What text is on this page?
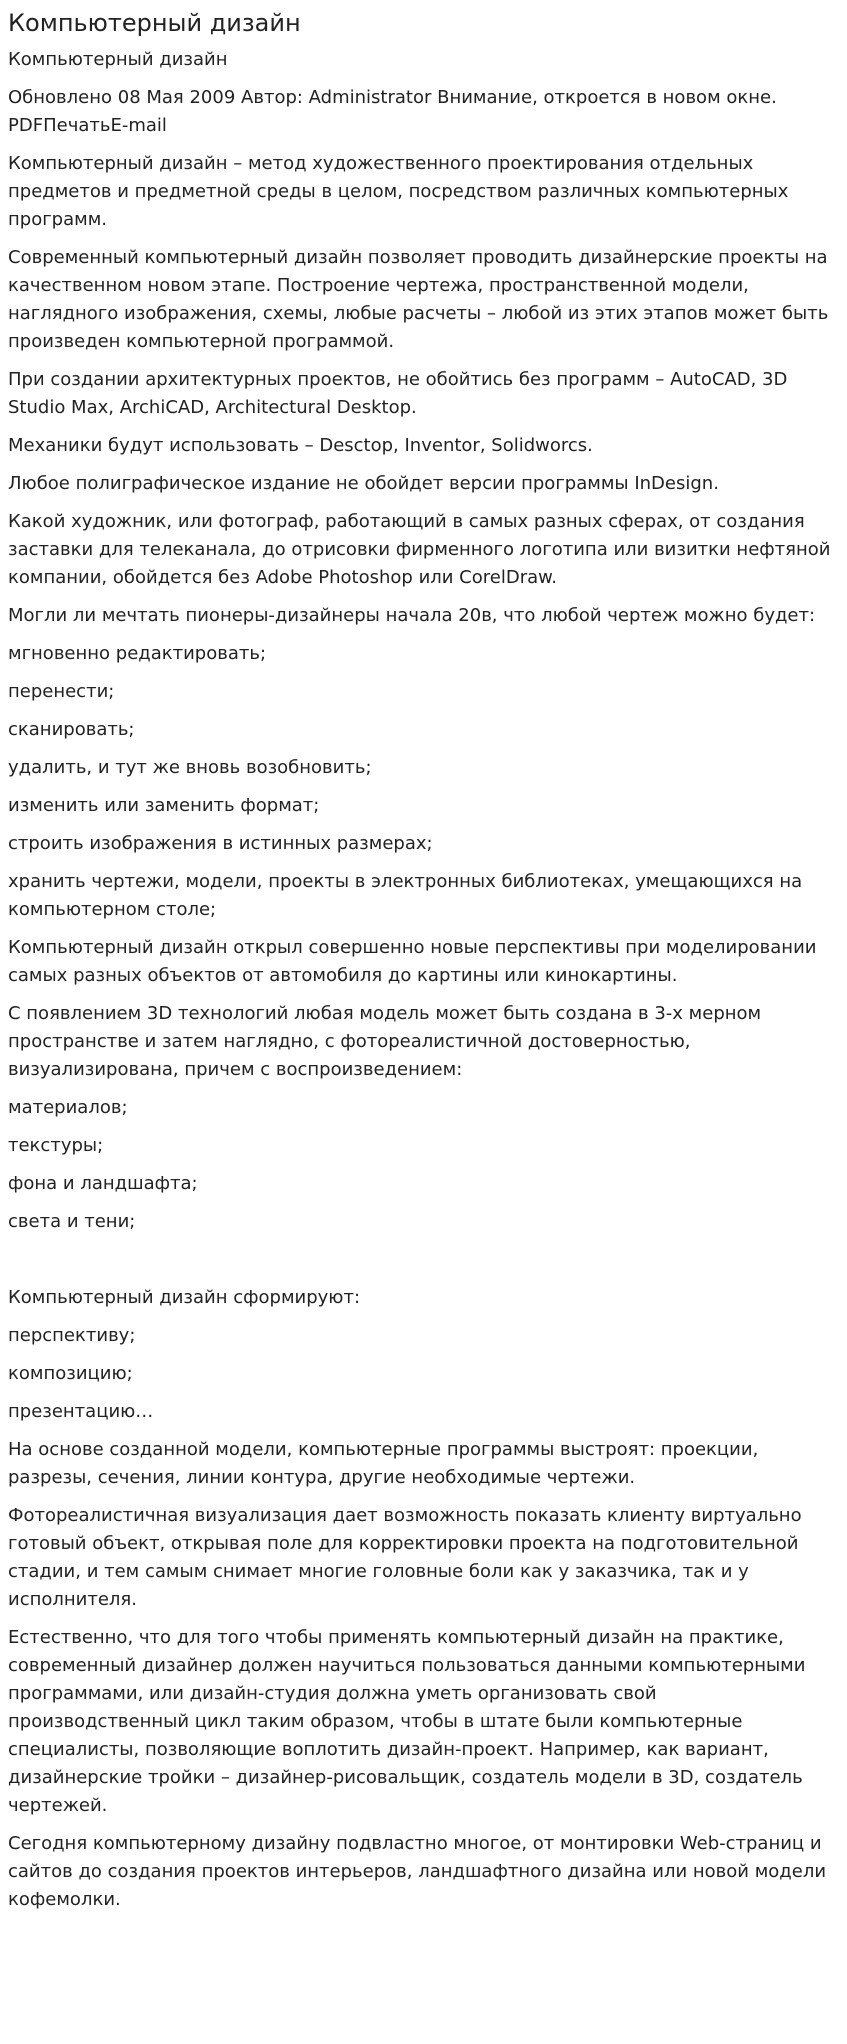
Компьютерный дизайн

Компьютерный дизайн

Обновлено 08 Мая 2009 Автор: Administrator Внимание, откроется в новом окне.
PDFПечатьE-mail

Компьютерный дизайн – метод художественного проектирования отдельных предметов и предметной среды в целом, посредством различных компьютерных программ.

Современный компьютерный дизайн позволяет проводить дизайнерские проекты на качественном новом этапе. Построение чертежа, пространственной модели, наглядного изображения, схемы, любые расчеты – любой из этих этапов может быть произведен компьютерной программой.

При создании архитектурных проектов, не обойтись без программ – AutoCAD, 3D Studio Max, ArchiCAD, Architectural Desktop.

Механики будут использовать – Desctop, Inventor, Solidworcs.

Любое полиграфическое издание не обойдет версии программы InDesign.

Какой художник, или фотограф, работающий в самых разных сферах, от создания заставки для телеканала, до отрисовки фирменного логотипа или визитки нефтяной компании, обойдется без Adobe Photoshop или CorelDraw.

Могли ли мечтать пионеры-дизайнеры начала 20в, что любой чертеж можно будет:

мгновенно редактировать;

перенести;

сканировать;

удалить, и тут же вновь возобновить;

изменить или заменить формат;

строить изображения в истинных размерах;

хранить чертежи, модели, проекты в электронных библиотеках, умещающихся на компьютерном столе;

Компьютерный дизайн открыл совершенно новые перспективы при моделировании самых разных объектов от автомобиля до картины или кинокартины.

С появлением 3D технологий любая модель может быть создана в 3-х мерном пространстве и затем наглядно, с фотореалистичной достоверностью, визуализирована, причем с воспроизведением:

материалов;

текстуры;

фона и ландшафта;

света и тени;

Компьютерный дизайн сформируют:

перспективу;

композицию;

презентацию…

На основе созданной модели, компьютерные программы выстроят: проекции, разрезы, сечения, линии контура, другие необходимые чертежи.

Фотореалистичная визуализация дает возможность показать клиенту виртуально готовый объект, открывая поле для корректировки проекта на подготовительной стадии, и тем самым снимает многие головные боли как у заказчика, так и у исполнителя.

Естественно, что для того чтобы применять компьютерный дизайн на практике, современный дизайнер должен научиться пользоваться данными компьютерными программами, или дизайн-студия должна уметь организовать свой производственный цикл таким образом, чтобы в штате были компьютерные специалисты, позволяющие воплотить дизайн-проект. Например, как вариант, дизайнерские тройки – дизайнер-рисовальщик, создатель модели в 3D, создатель чертежей.

Сегодня компьютерному дизайну подвластно многое, от монтировки Web-страниц и сайтов до создания проектов интерьеров, ландшафтного дизайна или новой модели кофемолки.
